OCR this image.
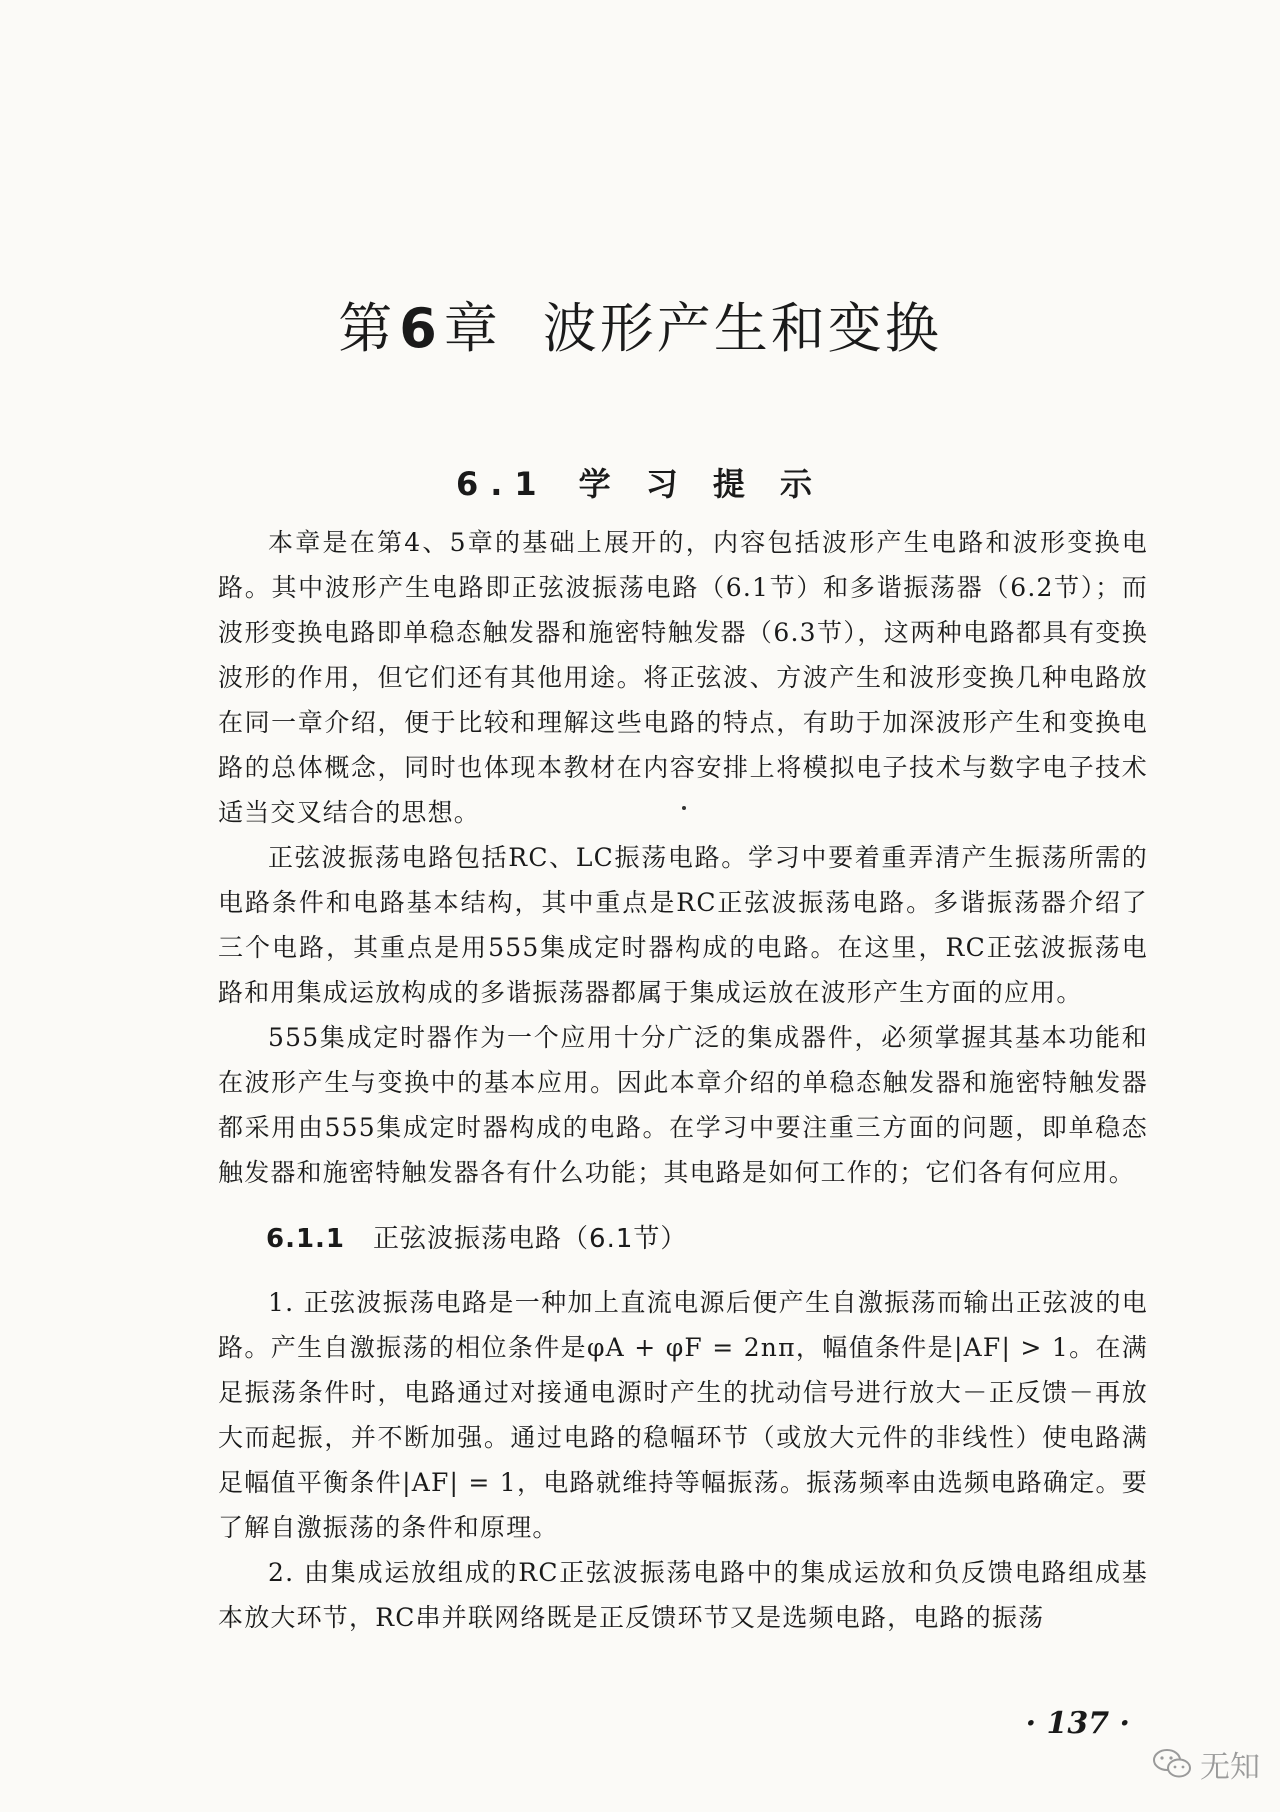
第6章 波形产生和变换
6.1 学 习 提 示

本章是在第4、5章的基础上展开的，内容包括波形产生电路和波形变换电路。其中波形产生电路即正弦波振荡电路（6.1节）和多谐振荡器（6.2节）；而波形变换电路即单稳态触发器和施密特触发器（6.3节），这两种电路都具有变换波形的作用，但它们还有其他用途。将正弦波、方波产生和波形变换几种电路放在同一章介绍，便于比较和理解这些电路的特点，有助于加深波形产生和变换电路的总体概念，同时也体现本教材在内容安排上将模拟电子技术与数字电子技术适当交叉结合的思想。

正弦波振荡电路包括RC、LC振荡电路。学习中要着重弄清产生振荡所需的电路条件和电路基本结构，其中重点是RC正弦波振荡电路。多谐振荡器介绍了三个电路，其重点是用555集成定时器构成的电路。在这里，RC正弦波振荡电路和用集成运放构成的多谐振荡器都属于集成运放在波形产生方面的应用。

555集成定时器作为一个应用十分广泛的集成器件，必须掌握其基本功能和在波形产生与变换中的基本应用。因此本章介绍的单稳态触发器和施密特触发器都采用由555集成定时器构成的电路。在学习中要注重三方面的问题，即单稳态触发器和施密特触发器各有什么功能；其电路是如何工作的；它们各有何应用。

6.1.1 正弦波振荡电路（6.1节）

1. 正弦波振荡电路是一种加上直流电源后便产生自激振荡而输出正弦波的电路。产生自激振荡的相位条件是φA + φF = 2nπ，幅值条件是|AF| > 1。在满足振荡条件时，电路通过对接通电源时产生的扰动信号进行放大－正反馈－再放大而起振，并不断加强。通过电路的稳幅环节（或放大元件的非线性）使电路满足幅值平衡条件|AF| = 1，电路就维持等幅振荡。振荡频率由选频电路确定。要了解自激振荡的条件和原理。

2. 由集成运放组成的RC正弦波振荡电路中的集成运放和负反馈电路组成基本放大环节，RC串并联网络既是正反馈环节又是选频电路，电路的振荡

· 137 ·
无知
